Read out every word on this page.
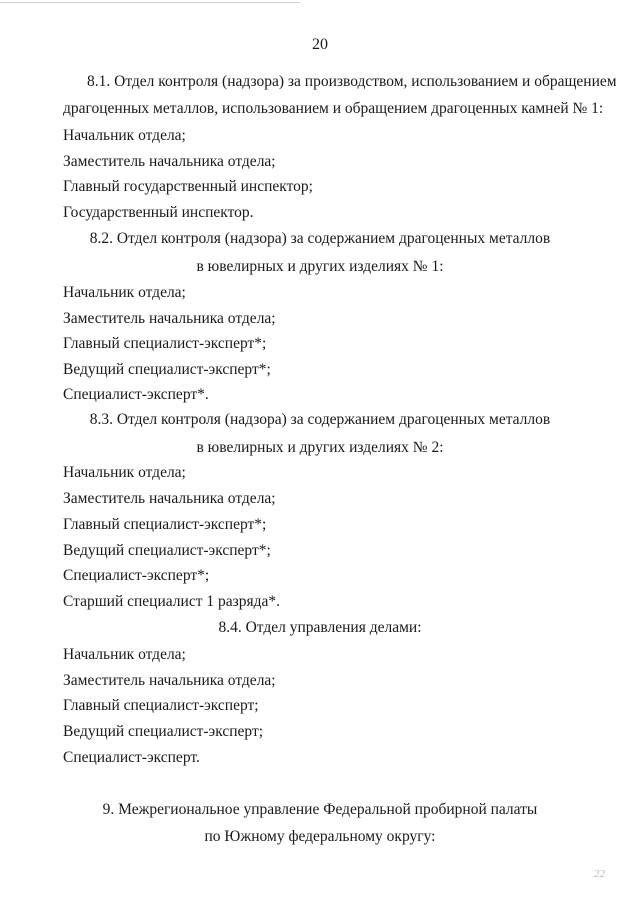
20
8.1. Отдел контроля (надзора) за производством, использованием и обращением
драгоценных металлов, использованием и обращением драгоценных камней № 1:
Начальник отдела;
Заместитель начальника отдела;
Главный государственный инспектор;
Государственный инспектор.
8.2. Отдел контроля (надзора) за содержанием драгоценных металлов
в ювелирных и других изделиях № 1:
Начальник отдела;
Заместитель начальника отдела;
Главный специалист-эксперт*;
Ведущий специалист-эксперт*;
Специалист-эксперт*.
8.3. Отдел контроля (надзора) за содержанием драгоценных металлов
в ювелирных и других изделиях № 2:
Начальник отдела;
Заместитель начальника отдела;
Главный специалист-эксперт*;
Ведущий специалист-эксперт*;
Специалист-эксперт*;
Старший специалист 1 разряда*.
8.4. Отдел управления делами:
Начальник отдела;
Заместитель начальника отдела;
Главный специалист-эксперт;
Ведущий специалист-эксперт;
Специалист-эксперт.
9. Межрегиональное управление Федеральной пробирной палаты
по Южному федеральному округу:
22
